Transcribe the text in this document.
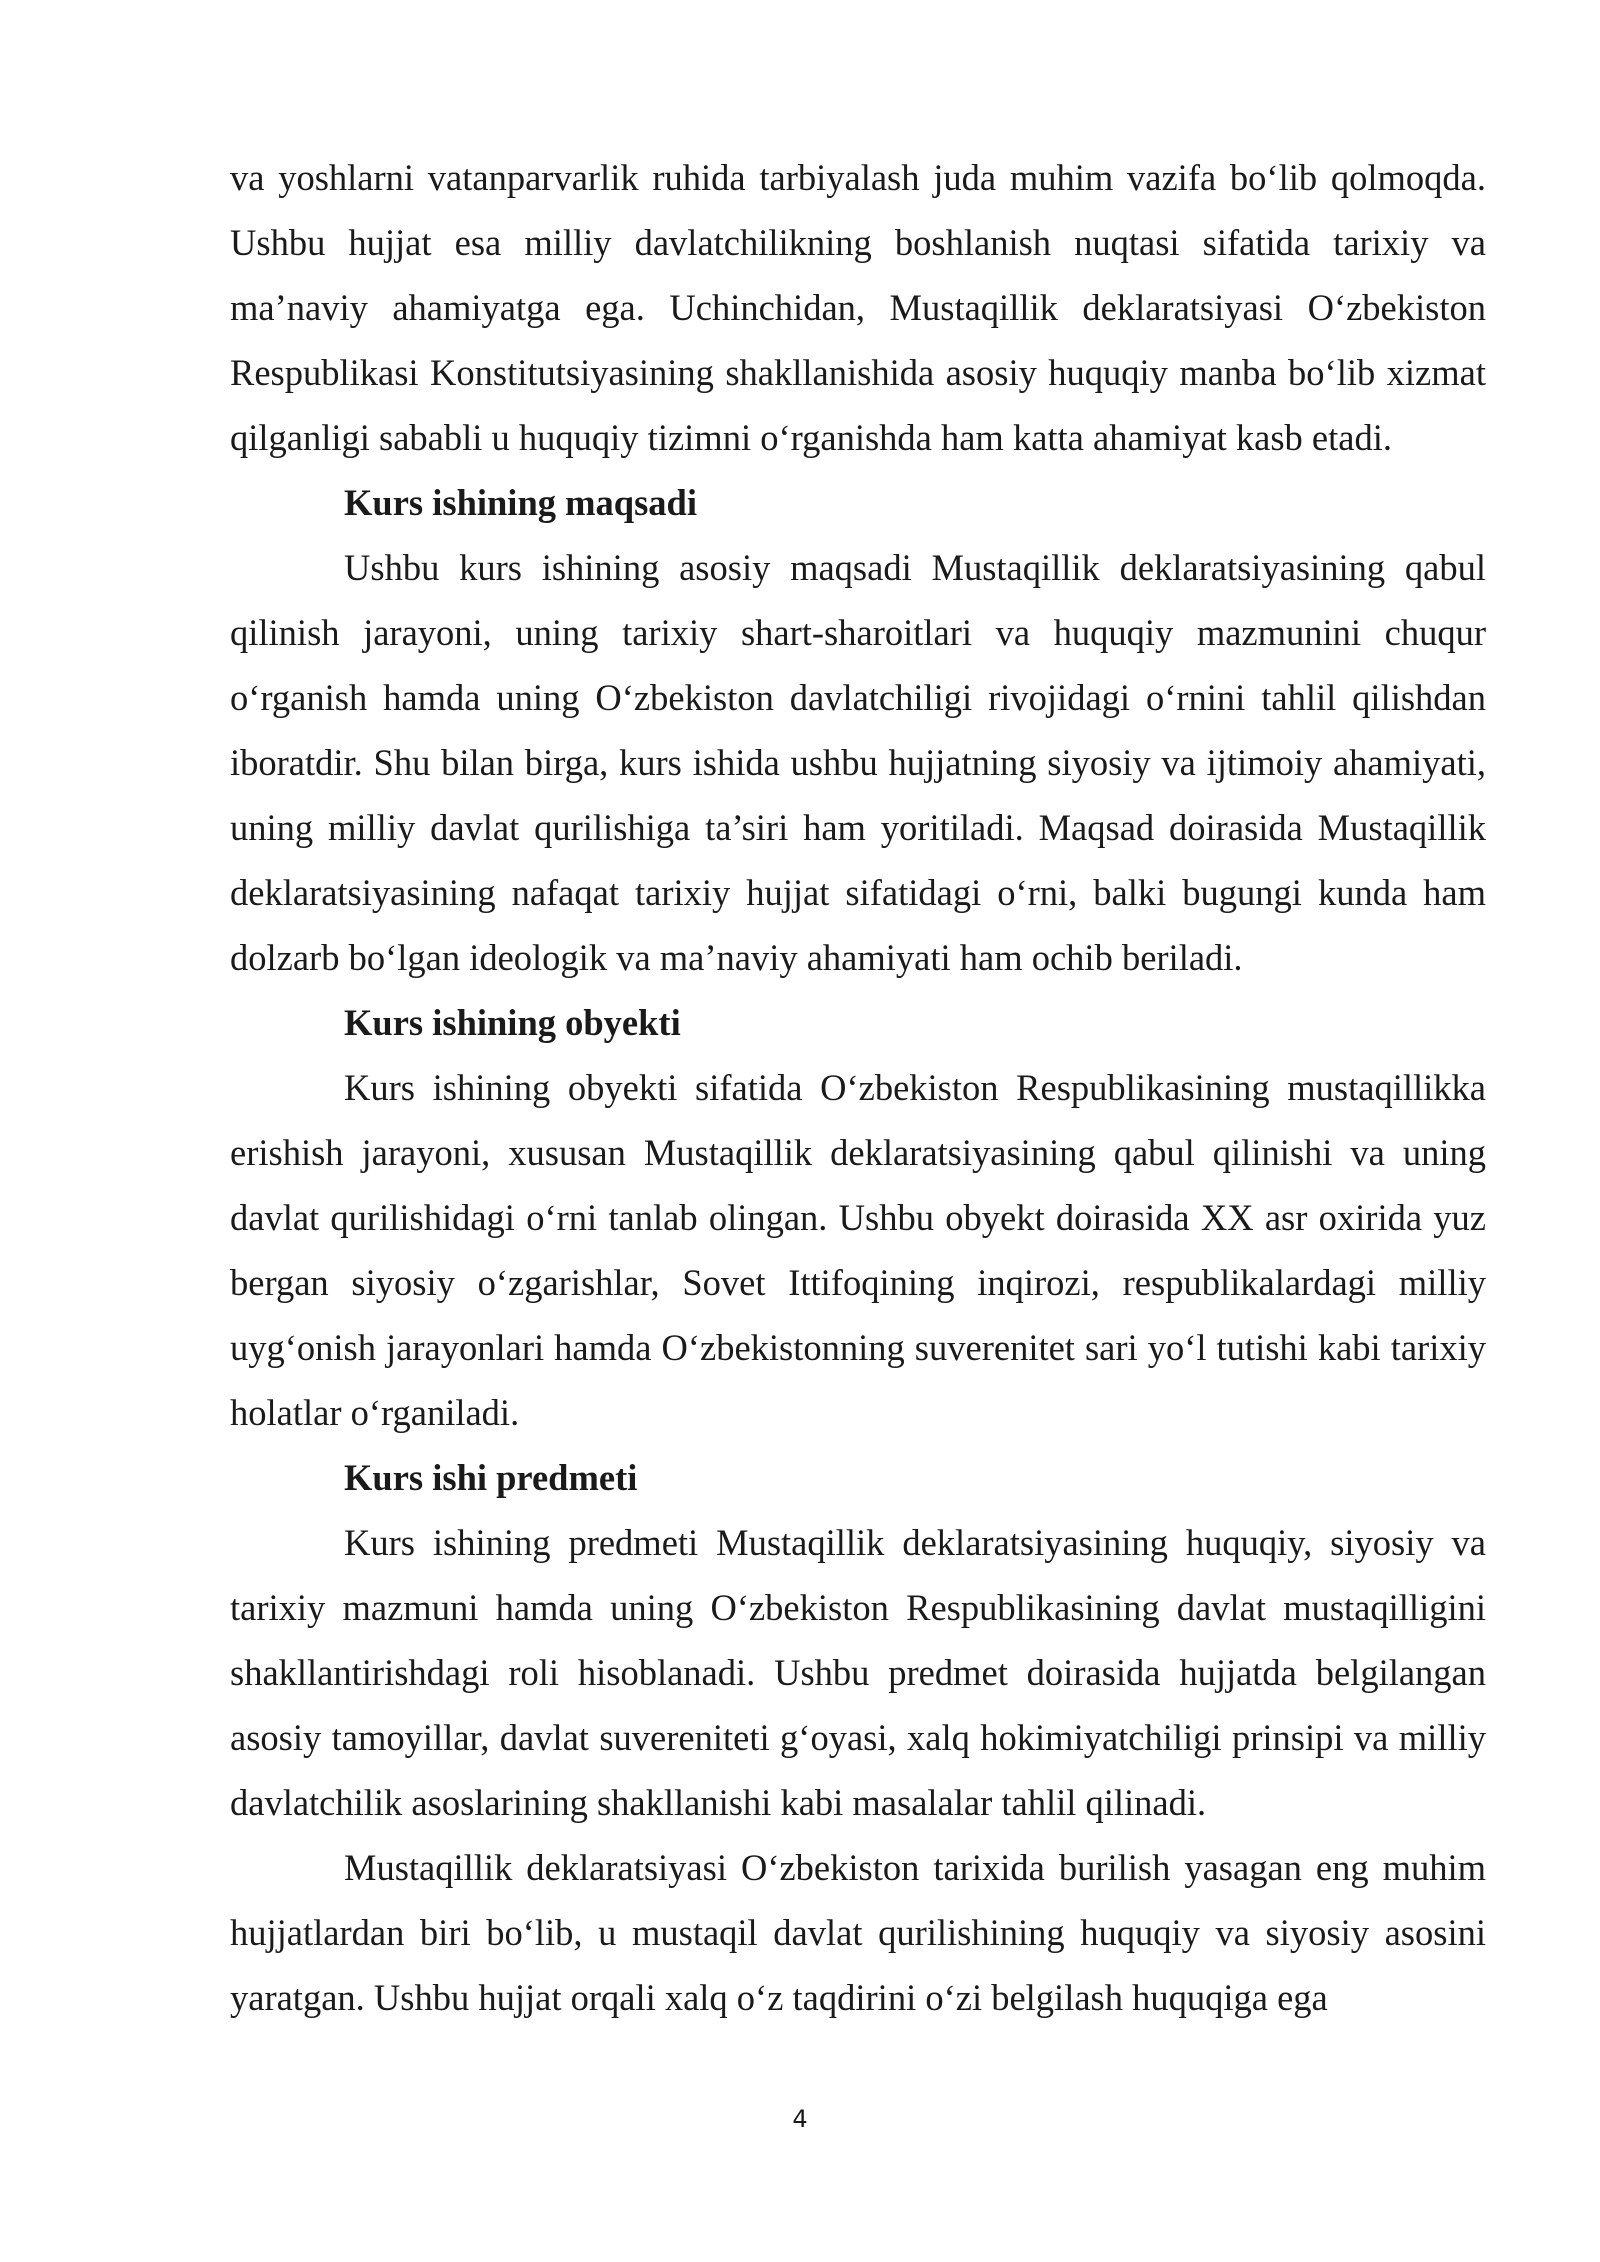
va yoshlarni vatanparvarlik ruhida tarbiyalash juda muhim vazifa bo‘lib qolmoqda. Ushbu hujjat esa milliy davlatchilikning boshlanish nuqtasi sifatida tarixiy va ma’naviy ahamiyatga ega. Uchinchidan, Mustaqillik deklaratsiyasi O‘zbekiston Respublikasi Konstitutsiyasining shakllanishida asosiy huquqiy manba bo‘lib xizmat qilganligi sababli u huquqiy tizimni o‘rganishda ham katta ahamiyat kasb etadi.

Kurs ishining maqsadi

Ushbu kurs ishining asosiy maqsadi Mustaqillik deklaratsiyasining qabul qilinish jarayoni, uning tarixiy shart-sharoitlari va huquqiy mazmunini chuqur o‘rganish hamda uning O‘zbekiston davlatchiligi rivojidagi o‘rnini tahlil qilishdan iboratdir. Shu bilan birga, kurs ishida ushbu hujjatning siyosiy va ijtimoiy ahamiyati, uning milliy davlat qurilishiga ta’siri ham yoritiladi. Maqsad doirasida Mustaqillik deklaratsiyasining nafaqat tarixiy hujjat sifatidagi o‘rni, balki bugungi kunda ham dolzarb bo‘lgan ideologik va ma’naviy ahamiyati ham ochib beriladi.

Kurs ishining obyekti

Kurs ishining obyekti sifatida O‘zbekiston Respublikasining mustaqillikka erishish jarayoni, xususan Mustaqillik deklaratsiyasining qabul qilinishi va uning davlat qurilishidagi o‘rni tanlab olingan. Ushbu obyekt doirasida XX asr oxirida yuz bergan siyosiy o‘zgarishlar, Sovet Ittifoqining inqirozi, respublikalardagi milliy uyg‘onish jarayonlari hamda O‘zbekistonning suverenitet sari yo‘l tutishi kabi tarixiy holatlar o‘rganiladi.

Kurs ishi predmeti

Kurs ishining predmeti Mustaqillik deklaratsiyasining huquqiy, siyosiy va tarixiy mazmuni hamda uning O‘zbekiston Respublikasining davlat mustaqilligini shakllantirishdagi roli hisoblanadi. Ushbu predmet doirasida hujjatda belgilangan asosiy tamoyillar, davlat suvereniteti g‘oyasi, xalq hokimiyatchiligi prinsipi va milliy davlatchilik asoslarining shakllanishi kabi masalalar tahlil qilinadi.

Mustaqillik deklaratsiyasi O‘zbekiston tarixida burilish yasagan eng muhim hujjatlardan biri bo‘lib, u mustaqil davlat qurilishining huquqiy va siyosiy asosini yaratgan. Ushbu hujjat orqali xalq o‘z taqdirini o‘zi belgilash huquqiga ega

4
